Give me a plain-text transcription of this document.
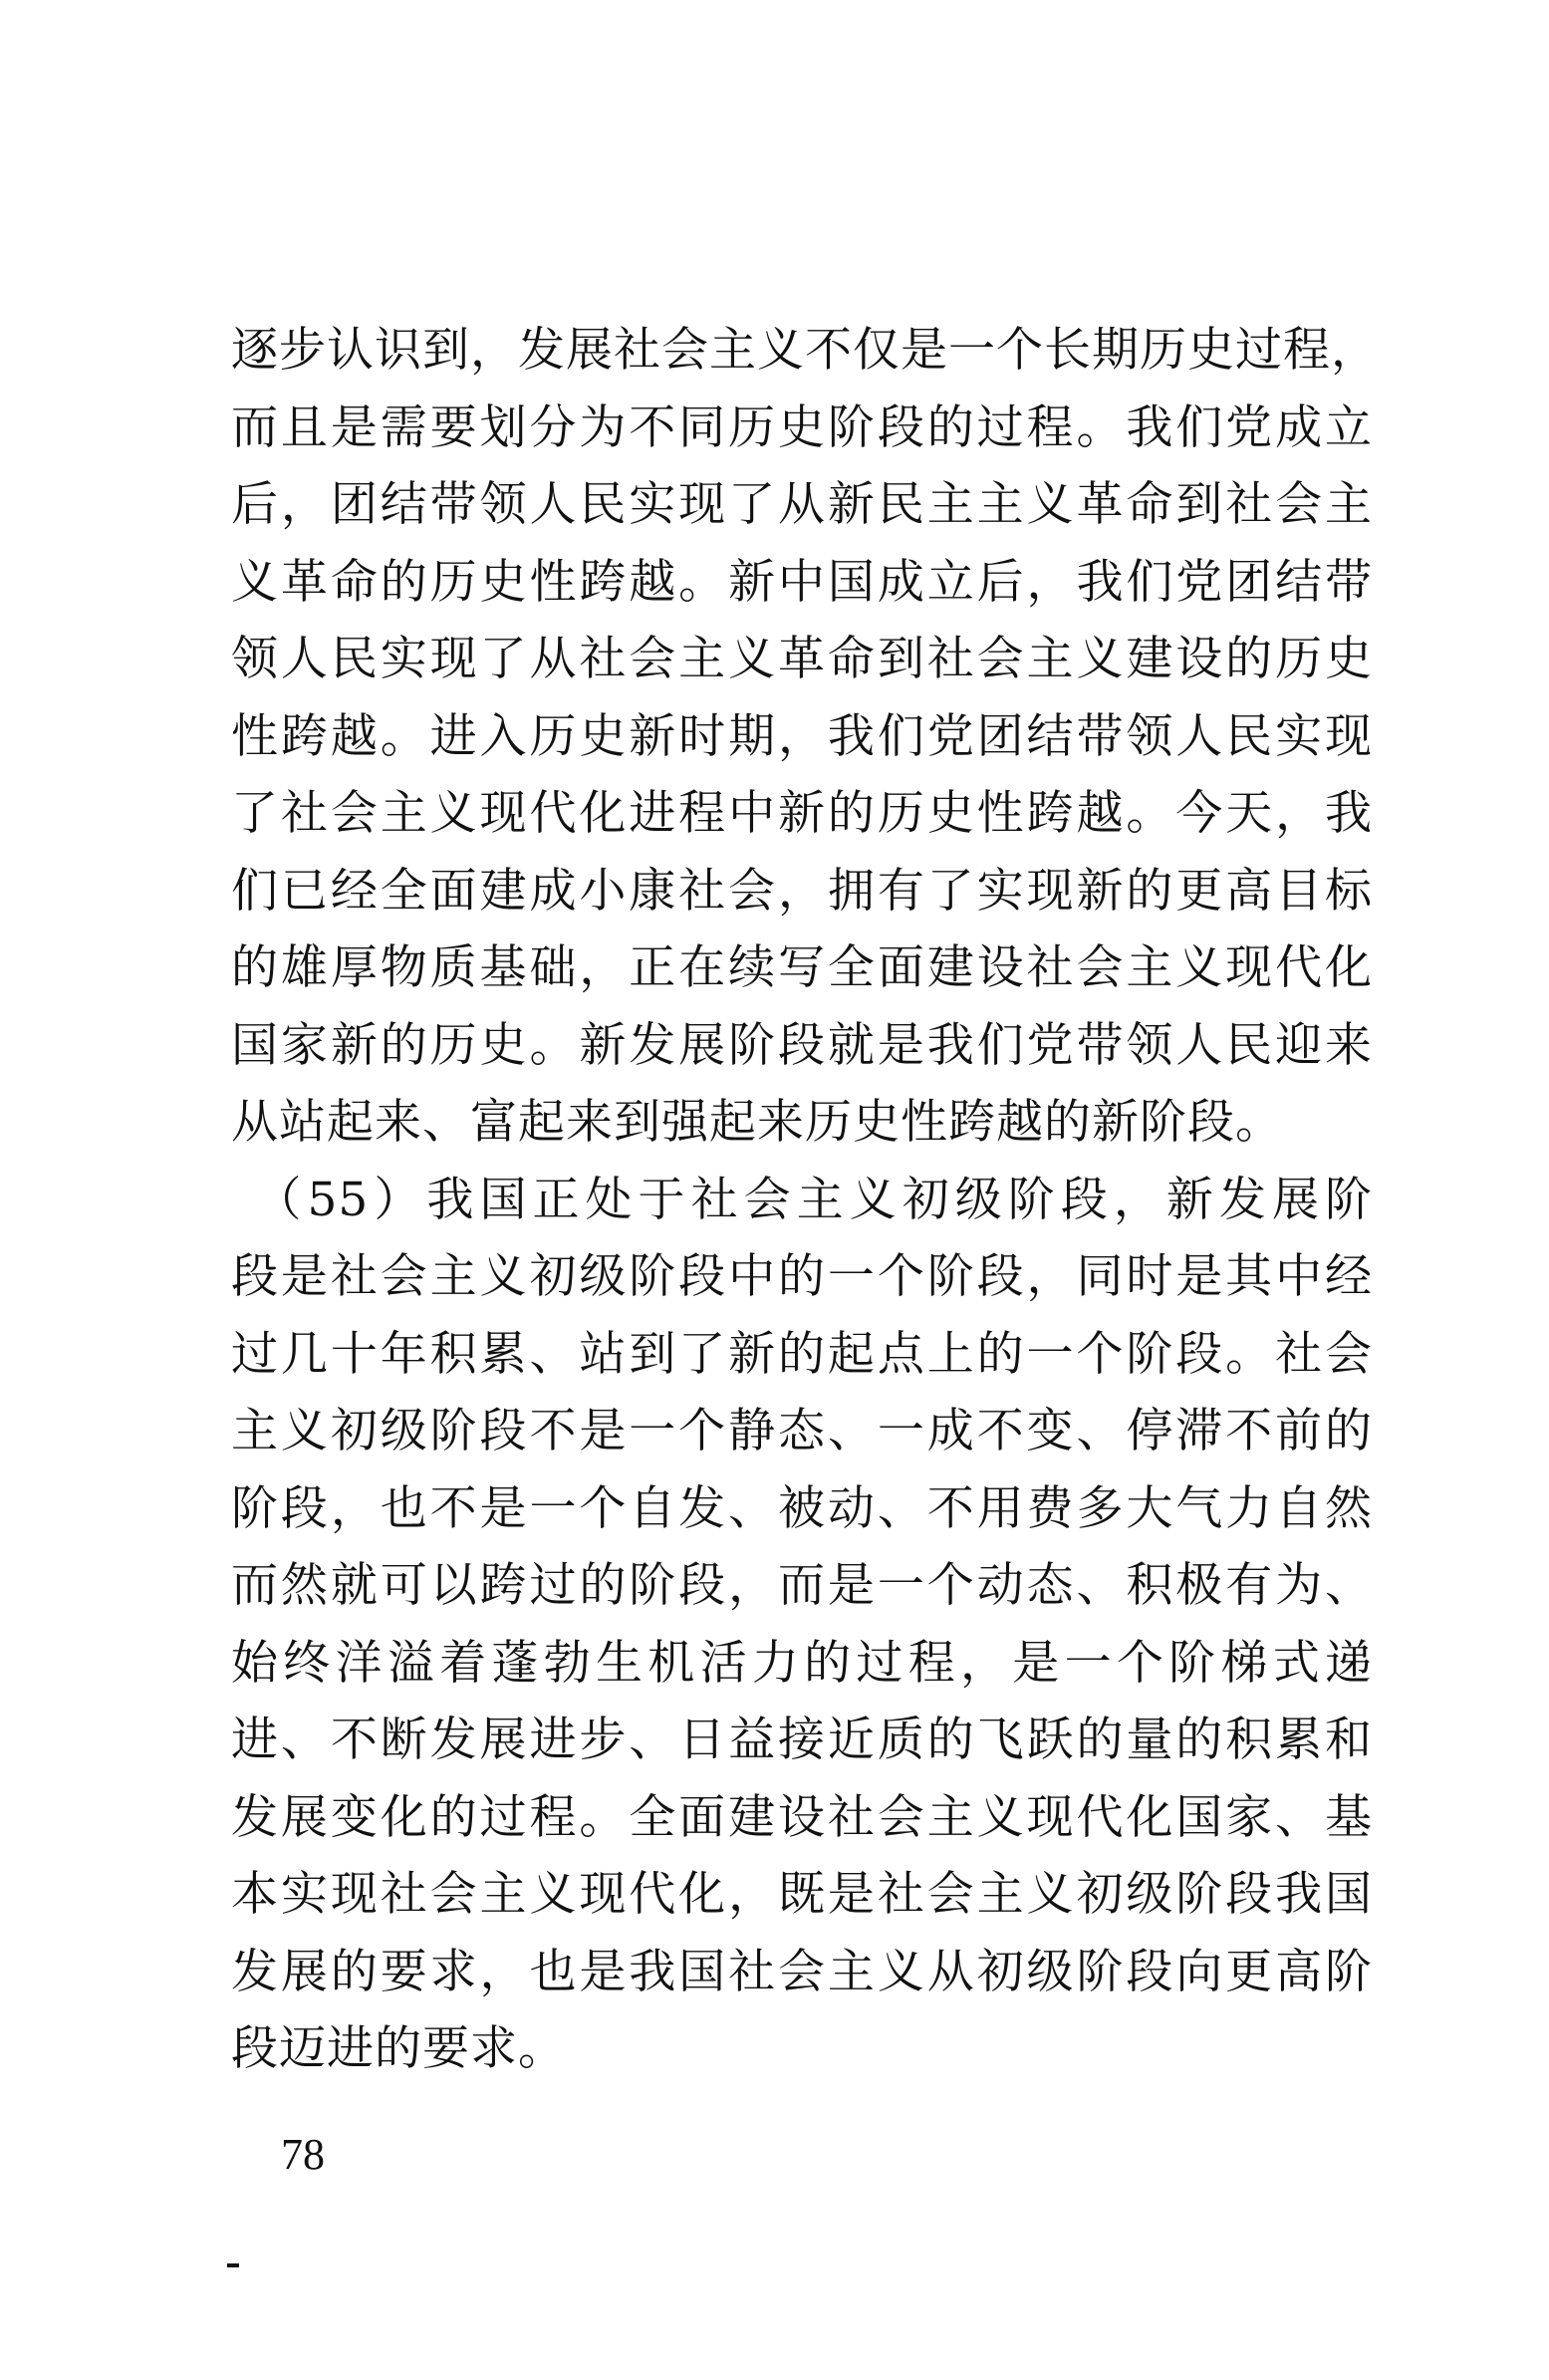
逐步认识到，发展社会主义不仅是一个长期历史过程，
而且是需要划分为不同历史阶段的过程。我们党成立
后，团结带领人民实现了从新民主主义革命到社会主
义革命的历史性跨越。新中国成立后，我们党团结带
领人民实现了从社会主义革命到社会主义建设的历史
性跨越。进入历史新时期，我们党团结带领人民实现
了社会主义现代化进程中新的历史性跨越。今天，我
们已经全面建成小康社会，拥有了实现新的更高目标
的雄厚物质基础，正在续写全面建设社会主义现代化
国家新的历史。新发展阶段就是我们党带领人民迎来
从站起来、富起来到强起来历史性跨越的新阶段。
（55）我国正处于社会主义初级阶段，新发展阶
段是社会主义初级阶段中的一个阶段，同时是其中经
过几十年积累、站到了新的起点上的一个阶段。社会
主义初级阶段不是一个静态、一成不变、停滞不前的
阶段，也不是一个自发、被动、不用费多大气力自然
而然就可以跨过的阶段，而是一个动态、积极有为、
始终洋溢着蓬勃生机活力的过程，是一个阶梯式递
进、不断发展进步、日益接近质的飞跃的量的积累和
发展变化的过程。全面建设社会主义现代化国家、基
本实现社会主义现代化，既是社会主义初级阶段我国
发展的要求，也是我国社会主义从初级阶段向更高阶
段迈进的要求。
78
